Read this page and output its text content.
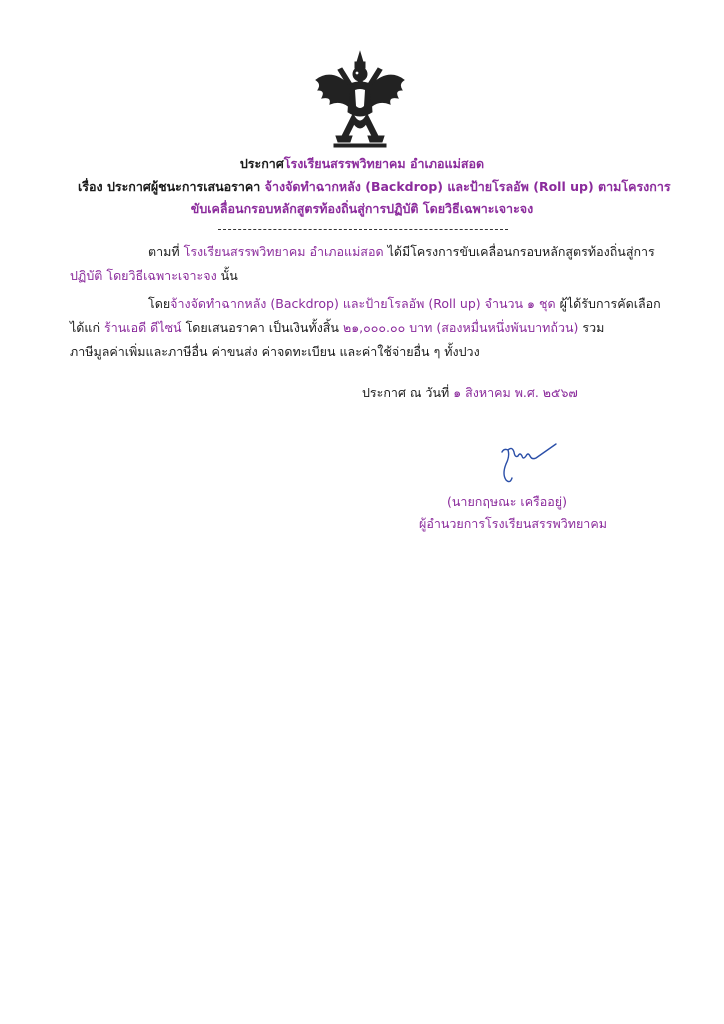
ประกาศโรงเรียนสรรพวิทยาคม อำเภอแม่สอด
เรื่อง ประกาศผู้ชนะการเสนอราคา จ้างจัดทำฉากหลัง (Backdrop) และป้ายโรลอัพ (Roll up) ตามโครงการ
ขับเคลื่อนกรอบหลักสูตรท้องถิ่นสู่การปฏิบัติ โดยวิธีเฉพาะเจาะจง
ตามที่ โรงเรียนสรรพวิทยาคม อำเภอแม่สอด ได้มีโครงการขับเคลื่อนกรอบหลักสูตรท้องถิ่นสู่การ
ปฏิบัติ โดยวิธีเฉพาะเจาะจง นั้น
โดยจ้างจัดทำฉากหลัง (Backdrop) และป้ายโรลอัพ (Roll up) จำนวน ๑ ชุด ผู้ได้รับการคัดเลือก
ได้แก่ ร้านเอดี ดีไซน์ โดยเสนอราคา เป็นเงินทั้งสิ้น ๒๑,๐๐๐.๐๐ บาท (สองหมื่นหนึ่งพันบาทถ้วน) รวม
ภาษีมูลค่าเพิ่มและภาษีอื่น ค่าขนส่ง ค่าจดทะเบียน และค่าใช้จ่ายอื่น ๆ ทั้งปวง
ประกาศ ณ วันที่ ๑ สิงหาคม พ.ศ. ๒๕๖๗
(นายกฤษณะ เครืออยู่)
ผู้อำนวยการโรงเรียนสรรพวิทยาคม
